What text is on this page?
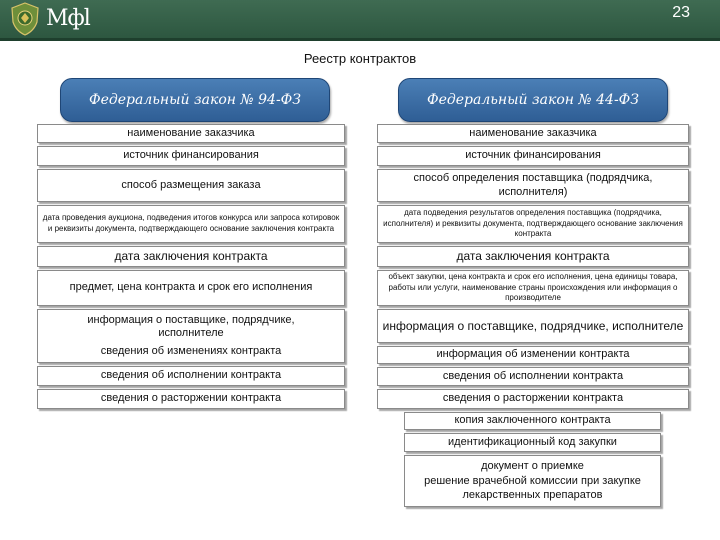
Мфl	23
Реестр контрактов
Федеральный закон № 94-ФЗ	Федеральный закон № 44-ФЗ
наименование заказчика
источник финансирования
способ размещения заказа
дата проведения аукциона, подведения итогов конкурса или запроса котировок и реквизиты документа, подтверждающего основание заключения контракта
дата заключения контракта
предмет, цена контракта и срок его исполнения
информация о поставщике, подрядчике, исполнителе
сведения об изменениях контракта
сведения об исполнении контракта
сведения о расторжении контракта
наименование заказчика
источник финансирования
способ определения поставщика (подрядчика, исполнителя)
дата подведения результатов определения поставщика (подрядчика, исполнителя) и реквизиты документа, подтверждающего основание заключения контракта
дата заключения контракта
объект закупки, цена контракта и срок его исполнения, цена единицы товара, работы или услуги, наименование страны происхождения или информация о производителе
информация о поставщике, подрядчике, исполнителе
информация об изменении контракта
сведения об исполнении контракта
сведения о расторжении контракта
копия заключенного контракта
идентификационный код закупки
документ о приемке
решение врачебной комиссии при закупке лекарственных препаратов
